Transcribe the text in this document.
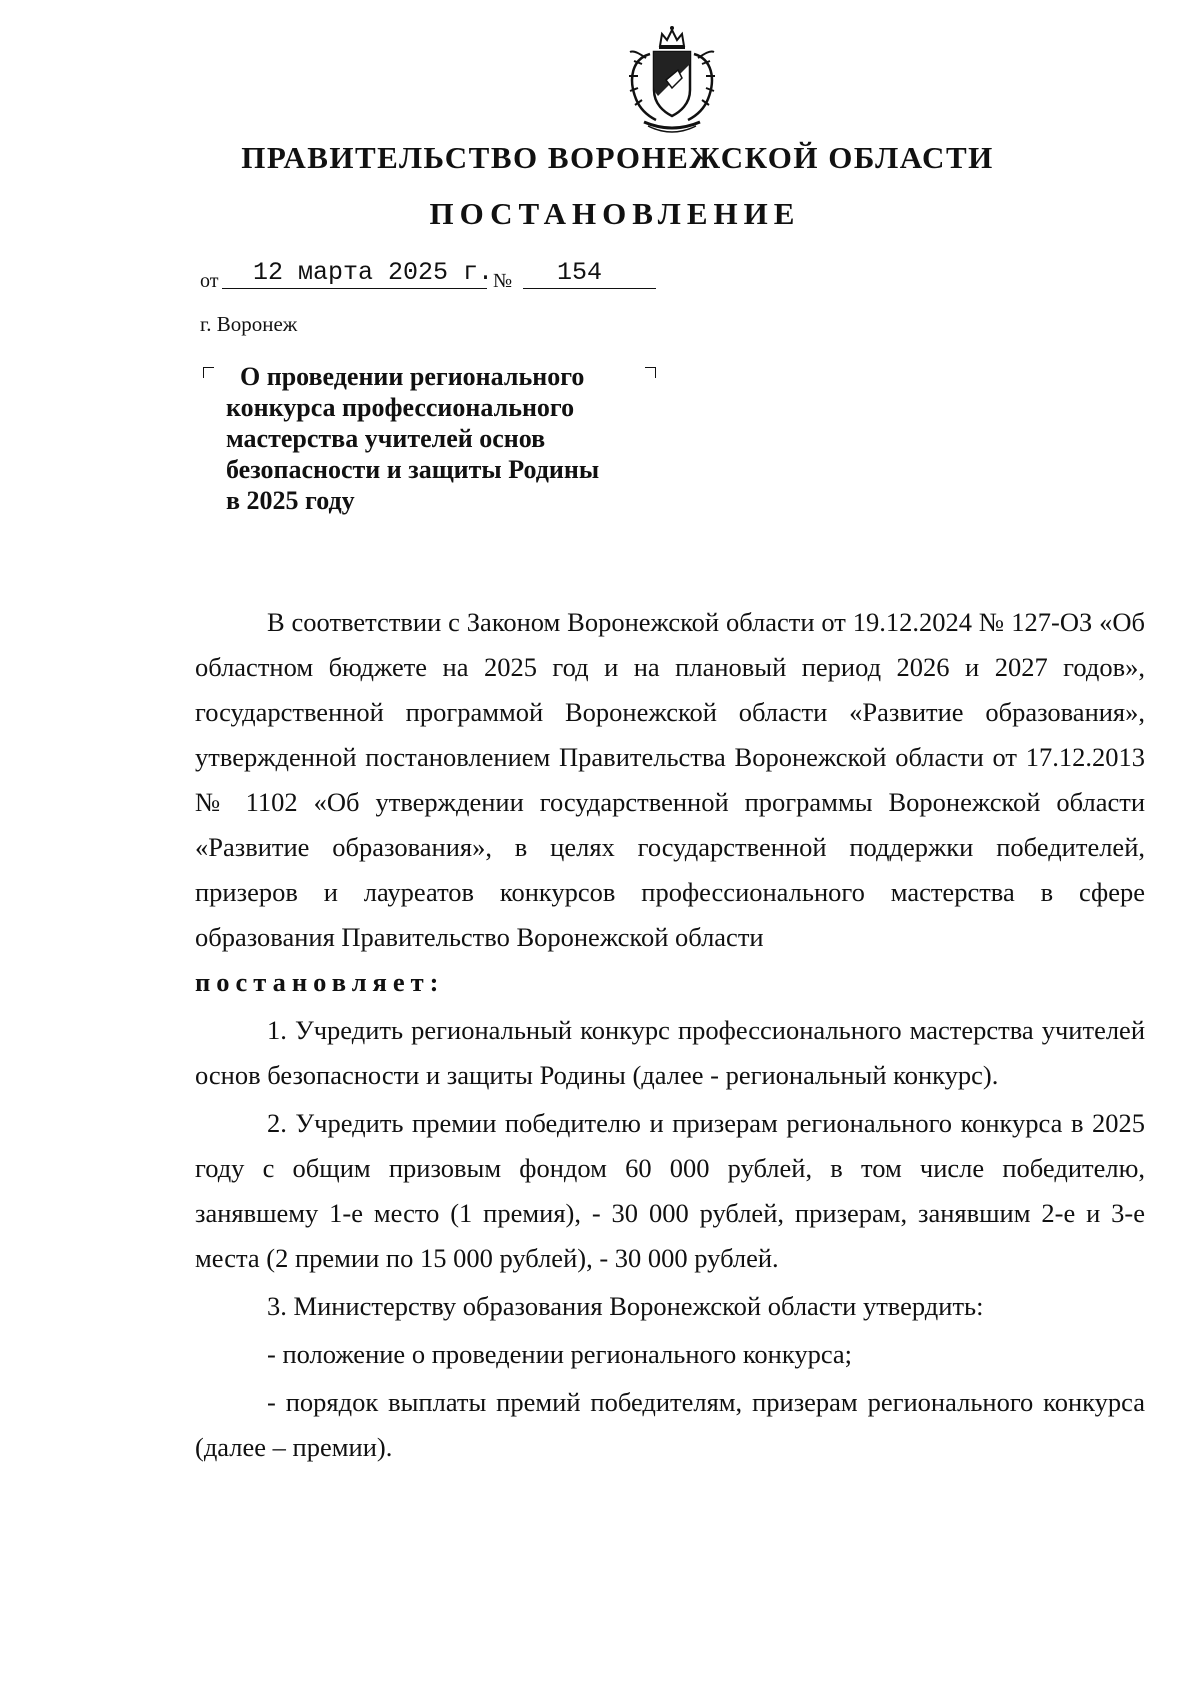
ПРАВИТЕЛЬСТВО ВОРОНЕЖСКОЙ ОБЛАСТИ
ПОСТАНОВЛЕНИЕ
от 12 марта 2025 г. № 154
г. Воронеж
О проведении регионального
конкурса профессионального
мастерства учителей основ
безопасности и защиты Родины
в 2025 году

В соответствии с Законом Воронежской области от 19.12.2024 № 127-ОЗ «Об областном бюджете на 2025 год и на плановый период 2026 и 2027 годов», государственной программой Воронежской области «Развитие образования», утвержденной постановлением Правительства Воронежской области от 17.12.2013 № 1102 «Об утверждении государственной программы Воронежской области «Развитие образования», в целях государственной поддержки победителей, призеров и лауреатов конкурсов профессионального мастерства в сфере образования Правительство Воронежской области

постановляет:

1. Учредить региональный конкурс профессионального мастерства учителей основ безопасности и защиты Родины (далее - региональный конкурс).

2. Учредить премии победителю и призерам регионального конкурса в 2025 году с общим призовым фондом 60 000 рублей, в том числе победителю, занявшему 1-е место (1 премия), - 30 000 рублей, призерам, занявшим 2-е и 3-е места (2 премии по 15 000 рублей), - 30 000 рублей.

3. Министерству образования Воронежской области утвердить:

- положение о проведении регионального конкурса;

- порядок выплаты премий победителям, призерам регионального конкурса (далее – премии).
